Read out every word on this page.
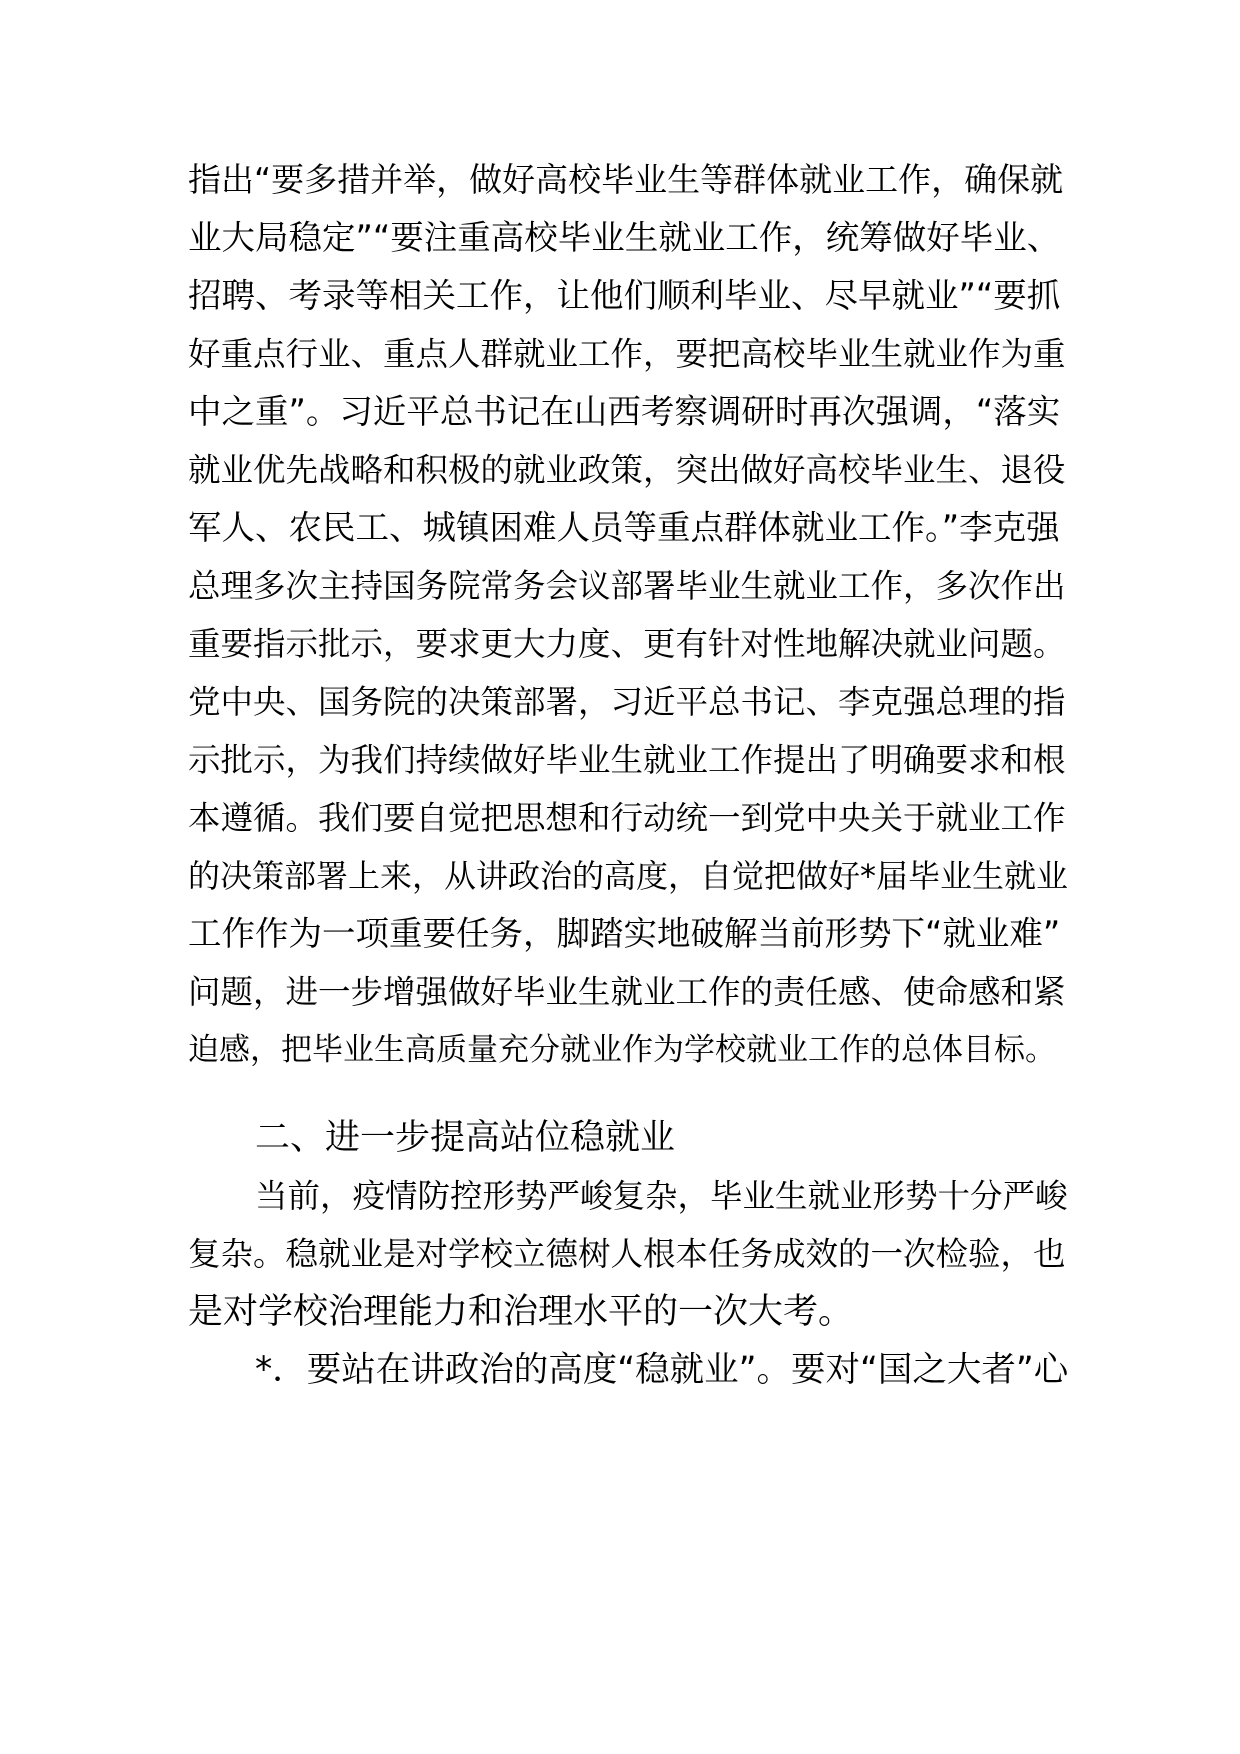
指出“要多措并举，做好高校毕业生等群体就业工作，确保就
业大局稳定”“要注重高校毕业生就业工作，统筹做好毕业、
招聘、考录等相关工作，让他们顺利毕业、尽早就业”“要抓
好重点行业、重点人群就业工作，要把高校毕业生就业作为重
中之重”。习近平总书记在山西考察调研时再次强调，“落实
就业优先战略和积极的就业政策，突出做好高校毕业生、退役
军人、农民工、城镇困难人员等重点群体就业工作。”李克强
总理多次主持国务院常务会议部署毕业生就业工作，多次作出
重要指示批示，要求更大力度、更有针对性地解决就业问题。
党中央、国务院的决策部署，习近平总书记、李克强总理的指
示批示，为我们持续做好毕业生就业工作提出了明确要求和根
本遵循。我们要自觉把思想和行动统一到党中央关于就业工作
的决策部署上来，从讲政治的高度，自觉把做好*届毕业生就业
工作作为一项重要任务，脚踏实地破解当前形势下“就业难”
问题，进一步增强做好毕业生就业工作的责任感、使命感和紧
迫感，把毕业生高质量充分就业作为学校就业工作的总体目标。
二、进一步提高站位稳就业
当前，疫情防控形势严峻复杂，毕业生就业形势十分严峻
复杂。稳就业是对学校立德树人根本任务成效的一次检验，也
是对学校治理能力和治理水平的一次大考。
*．要站在讲政治的高度“稳就业”。要对“国之大者”心
